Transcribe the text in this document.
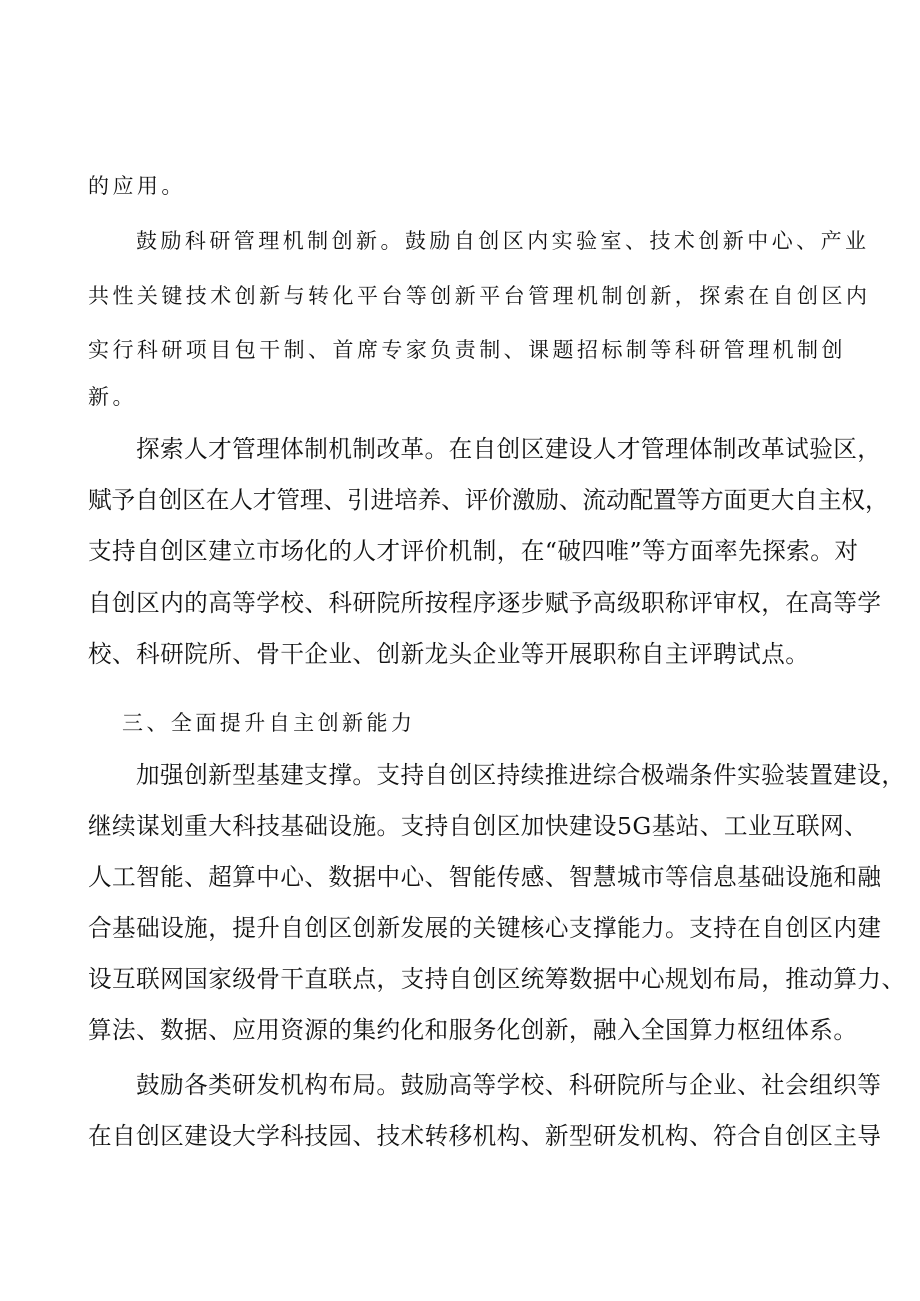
的应用。
鼓励科研管理机制创新。鼓励自创区内实验室、技术创新中心、产业
共性关键技术创新与转化平台等创新平台管理机制创新，探索在自创区内
实行科研项目包干制、首席专家负责制、课题招标制等科研管理机制创
新。
探索人才管理体制机制改革。在自创区建设人才管理体制改革试验区，
赋予自创区在人才管理、引进培养、评价激励、流动配置等方面更大自主权，
支持自创区建立市场化的人才评价机制，在“破四唯”等方面率先探索。对
自创区内的高等学校、科研院所按程序逐步赋予高级职称评审权，在高等学
校、科研院所、骨干企业、创新龙头企业等开展职称自主评聘试点。
三、全面提升自主创新能力
加强创新型基建支撑。支持自创区持续推进综合极端条件实验装置建设，
继续谋划重大科技基础设施。支持自创区加快建设5G基站、工业互联网、
人工智能、超算中心、数据中心、智能传感、智慧城市等信息基础设施和融
合基础设施，提升自创区创新发展的关键核心支撑能力。支持在自创区内建
设互联网国家级骨干直联点，支持自创区统筹数据中心规划布局，推动算力、
算法、数据、应用资源的集约化和服务化创新，融入全国算力枢纽体系。
鼓励各类研发机构布局。鼓励高等学校、科研院所与企业、社会组织等
在自创区建设大学科技园、技术转移机构、新型研发机构、符合自创区主导
